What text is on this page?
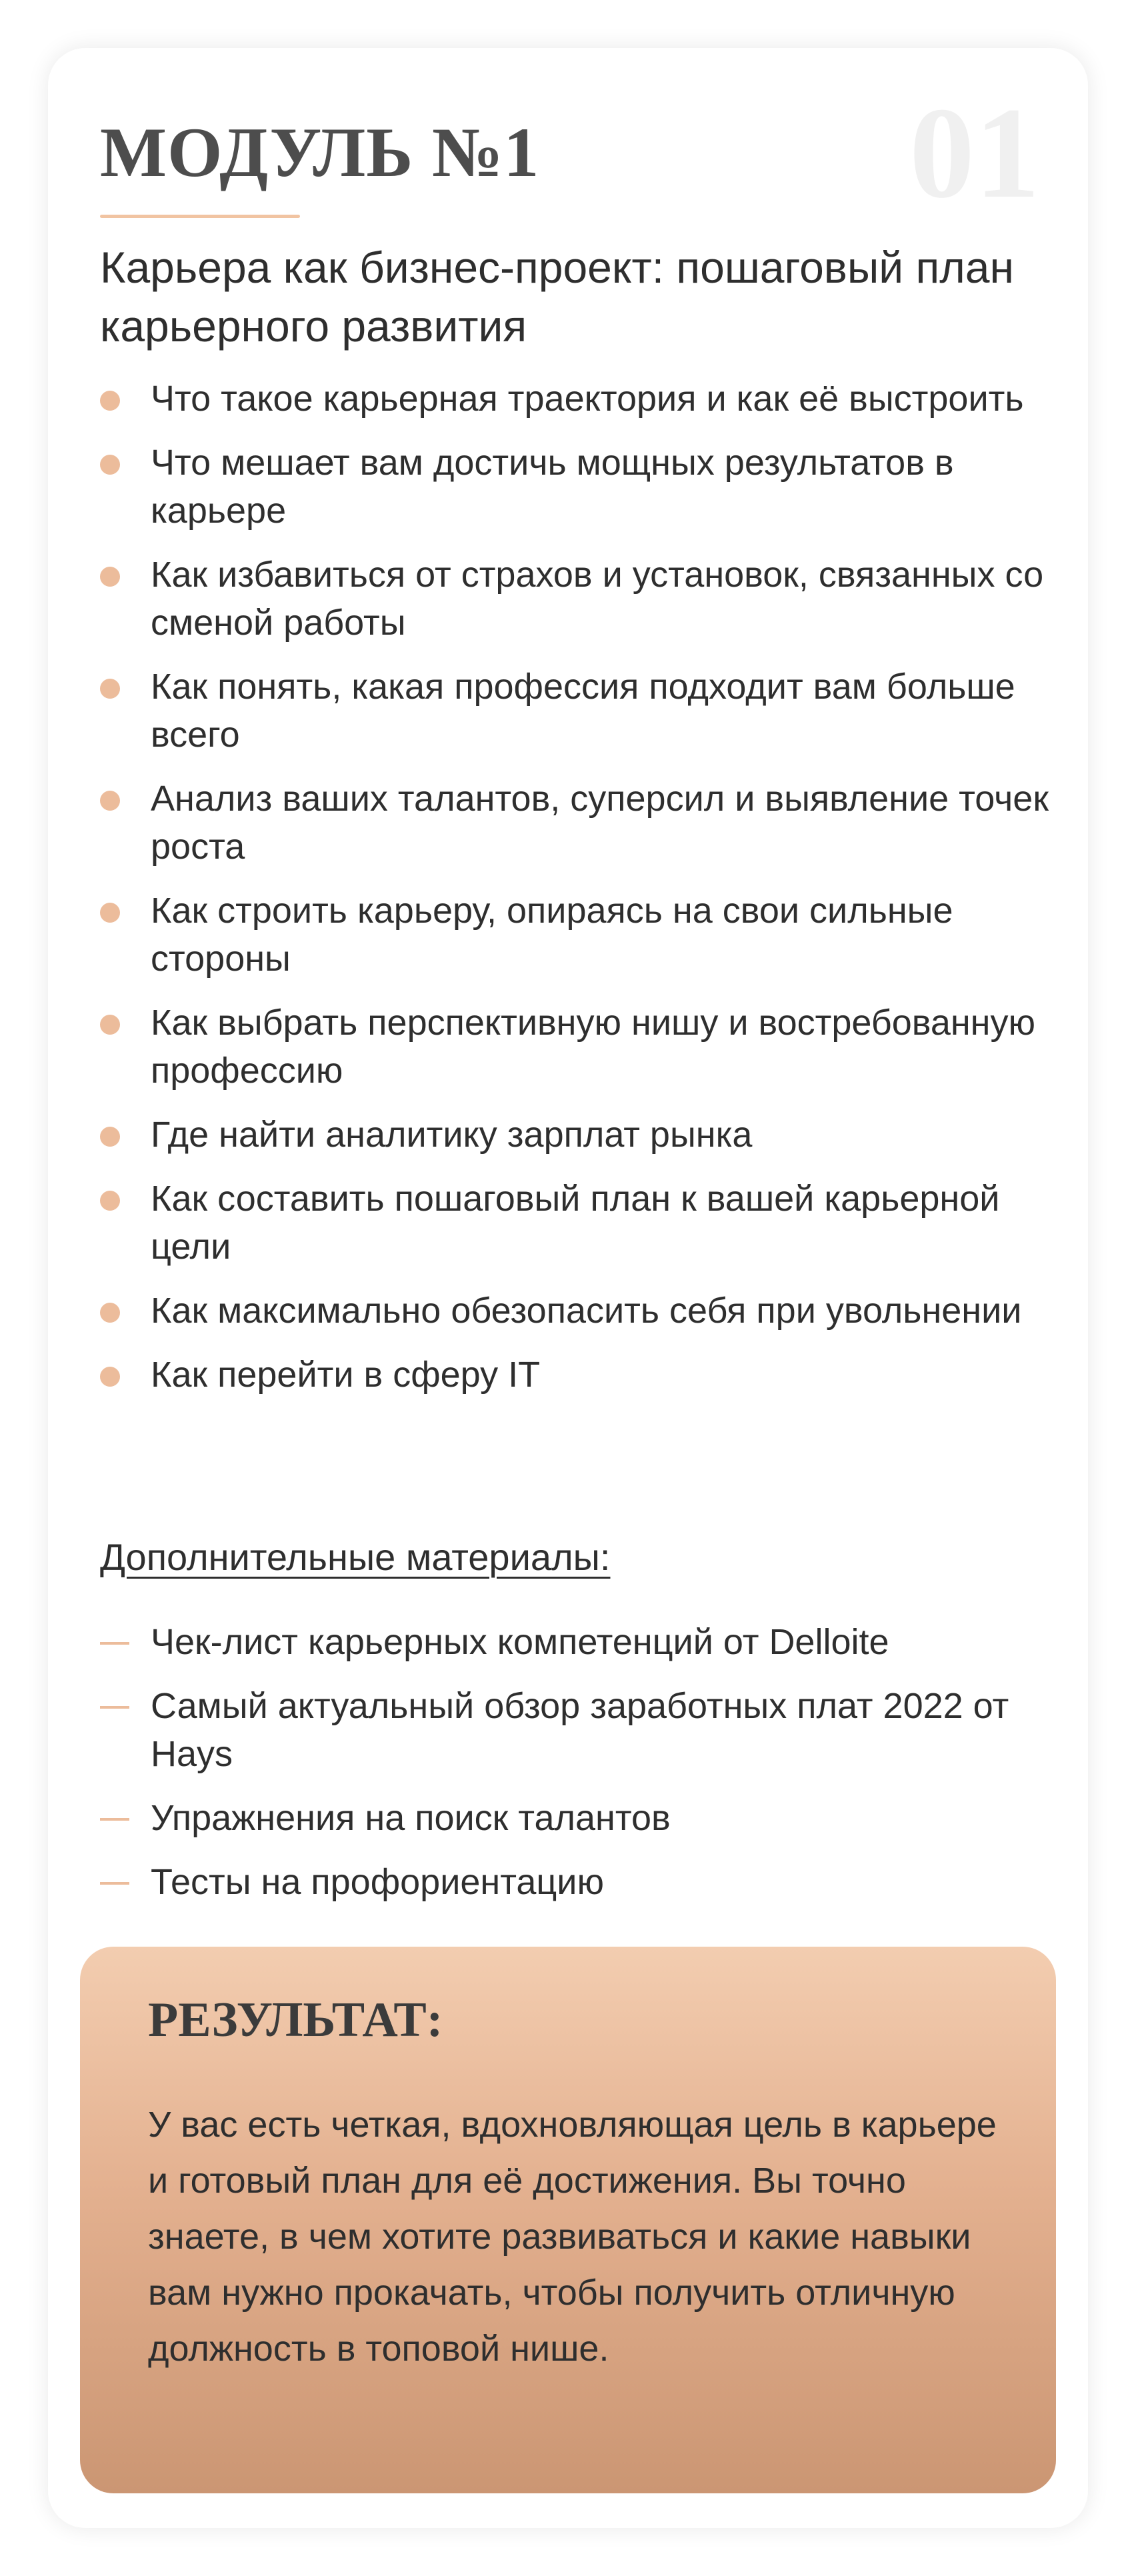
МОДУЛЬ №1	01
Карьера как бизнес-проект: пошаговый план карьерного развития
Что такое карьерная траектория и как её выстроить
Что мешает вам достичь мощных результатов в карьере
Как избавиться от страхов и установок, связанных со сменой работы
Как понять, какая профессия подходит вам больше всего
Анализ ваших талантов, суперсил и выявление точек роста
Как строить карьеру, опираясь на свои сильные стороны
Как выбрать перспективную нишу и востребованную профессию
Где найти аналитику зарплат рынка
Как составить пошаговый план к вашей карьерной цели
Как максимально обезопасить себя при увольнении
Как перейти в сферу IT
Дополнительные материалы:
Чек-лист карьерных компетенций от Delloite
Самый актуальный обзор заработных плат 2022 от Hays
Упражнения на поиск талантов
Тесты на профориентацию
РЕЗУЛЬТАТ:

У вас есть четкая, вдохновляющая цель в карьере и готовый план для её достижения. Вы точно знаете, в чем хотите развиваться и какие навыки вам нужно прокачать, чтобы получить отличную должность в топовой нише.
